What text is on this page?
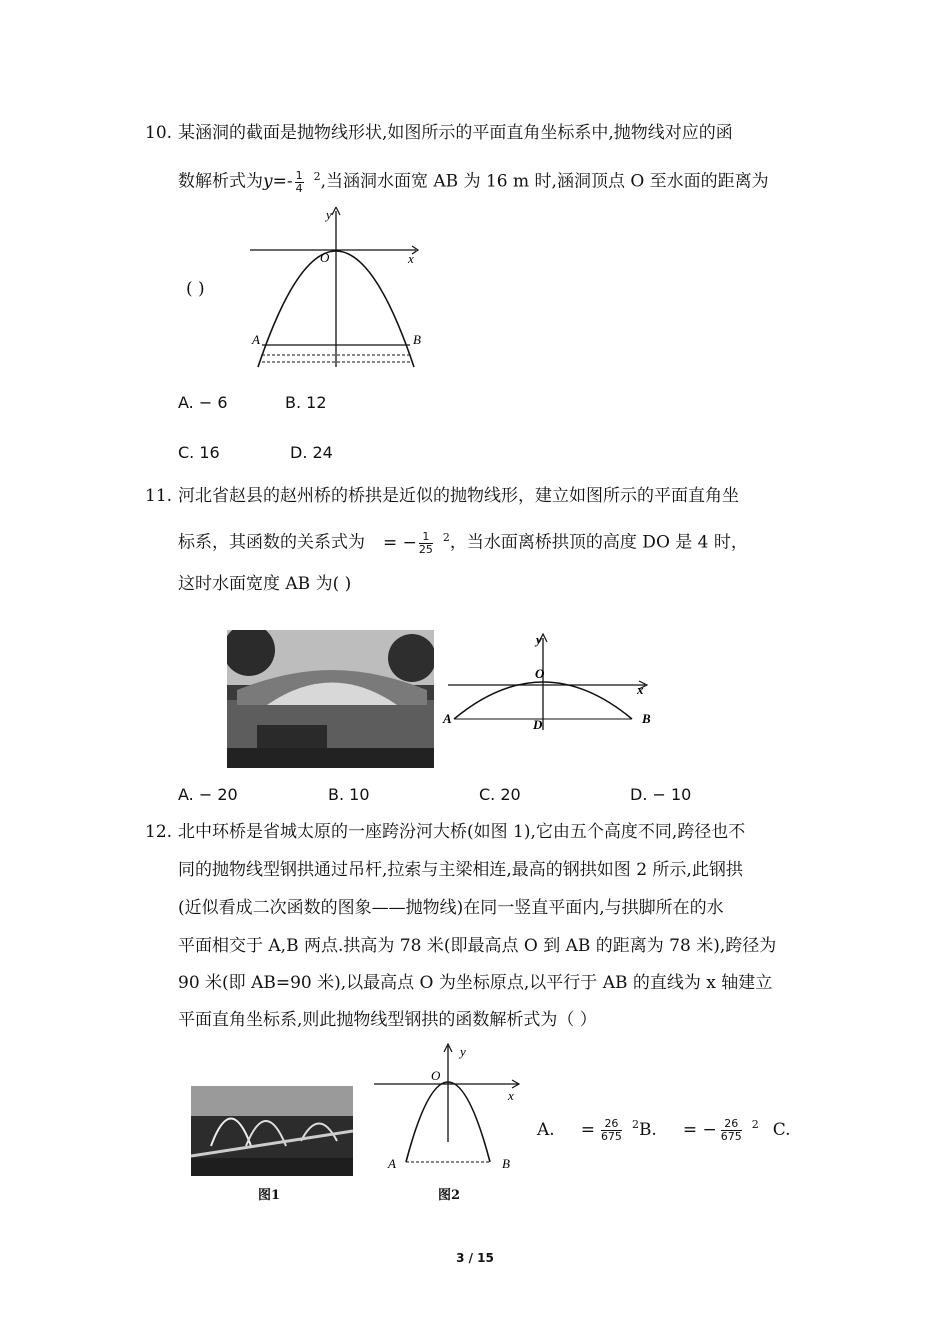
10. 某涵洞的截面是抛物线形状,如图所示的平面直角坐标系中,抛物线对应的函
数解析式为$y=- \frac{1}{4} ^2$,当涵洞水面宽 AB 为 16 m 时,涵洞顶点 O 至水面的距离为
( )
y
x
O
A	B
A. − 6	B. 12
C. 16	D. 24
11. 河北省赵县的赵州桥的桥拱是近似的抛物线形，建立如图所示的平面直角坐
标系，其函数的关系式为 = − $\frac{1}{25} ^2$，当水面离桥拱顶的高度 DO 是 4 时，
这时水面宽度 AB 为( )
y
x
O
A	B
D
A. − 20	B. 10	C. 20	D. − 10
12. 北中环桥是省城太原的一座跨汾河大桥(如图 1),它由五个高度不同,跨径也不
同的抛物线型钢拱通过吊杆,拉索与主梁相连,最高的钢拱如图 2 所示,此钢拱
(近似看成二次函数的图象——抛物线)在同一竖直平面内,与拱脚所在的水
平面相交于 A,B 两点.拱高为 78 米(即最高点 O 到 AB 的距离为 78 米),跨径为
90 米(即 AB=90 米),以最高点 O 为坐标原点,以平行于 AB 的直线为 x 轴建立
平面直角坐标系,则此抛物线型钢拱的函数解析式为（ ）
图1
y
x
O
A	B
图2
A. = $\frac{26}{675} ^2B$. = − $\frac{26}{675} ^2$ C.
3 / 15
